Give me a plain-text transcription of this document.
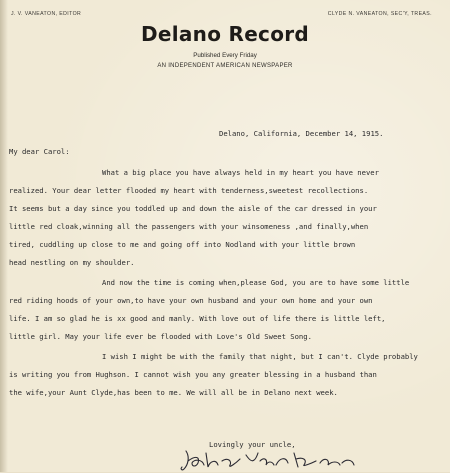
J. V. VANEATON, EDITOR	CLYDE N. VANEATON, SEC'Y, TREAS.
Delano Record
Published Every Friday
AN INDEPENDENT AMERICAN NEWSPAPER
Delano, California, December 14, 1915.
My dear Carol:
What a big place you have always held in my heart you have never
realized. Your dear letter flooded my heart with tenderness,sweetest recollections.
It seems but a day since you toddled up and down the aisle of the car dressed in your
little red cloak,winning all the passengers with your winsomeness ,and finally,when
tired, cuddling up close to me and going off into Nodland with your little brown
head nestling on my shoulder.
And now the time is coming when,please God, you are to have some little
red riding hoods of your own,to have your own husband and your own home and your own
life. I am so glad he is xx good and manly. With love out of life there is little left,
little girl. May your life ever be flooded with Love's Old Sweet Song.
I wish I might be with the family that night, but I can't. Clyde probably
is writing you from Hughson. I cannot wish you any greater blessing in a husband than
the wife,your Aunt Clyde,has been to me. We will all be in Delano next week.
Lovingly your uncle,
